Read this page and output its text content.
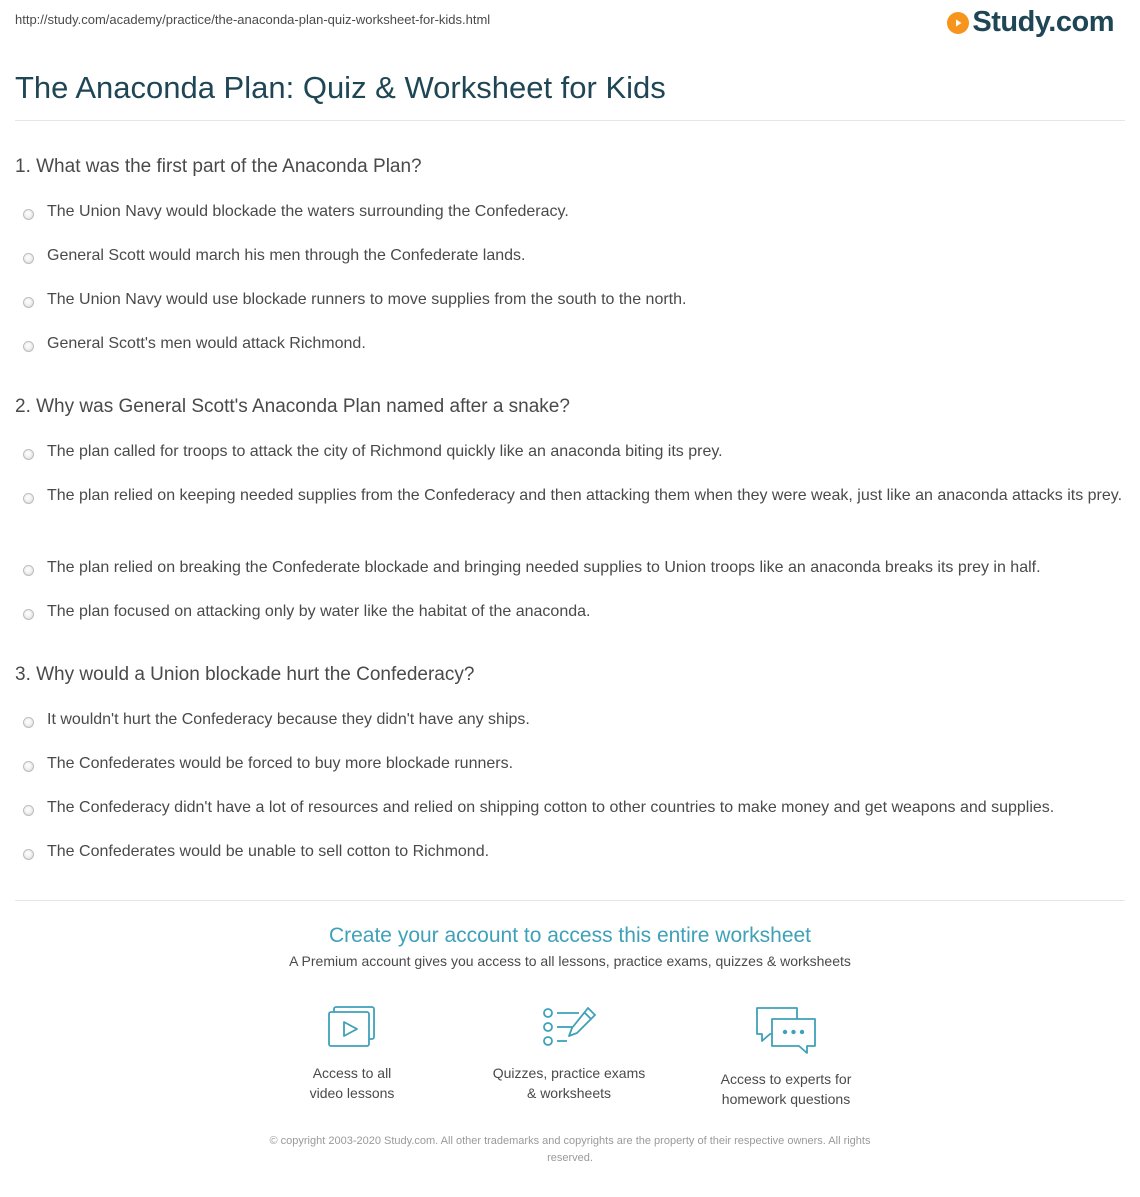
http://study.com/academy/practice/the-anaconda-plan-quiz-worksheet-for-kids.html	Study.com
The Anaconda Plan: Quiz & Worksheet for Kids
1. What was the first part of the Anaconda Plan?
The Union Navy would blockade the waters surrounding the Confederacy.
General Scott would march his men through the Confederate lands.
The Union Navy would use blockade runners to move supplies from the south to the north.
General Scott's men would attack Richmond.
2. Why was General Scott's Anaconda Plan named after a snake?
The plan called for troops to attack the city of Richmond quickly like an anaconda biting its prey.
The plan relied on keeping needed supplies from the Confederacy and then attacking them when they were weak, just like an anaconda attacks its prey.
The plan relied on breaking the Confederate blockade and bringing needed supplies to Union troops like an anaconda breaks its prey in half.
The plan focused on attacking only by water like the habitat of the anaconda.
3. Why would a Union blockade hurt the Confederacy?
It wouldn't hurt the Confederacy because they didn't have any ships.
The Confederates would be forced to buy more blockade runners.
The Confederacy didn't have a lot of resources and relied on shipping cotton to other countries to make money and get weapons and supplies.
The Confederates would be unable to sell cotton to Richmond.
Create your account to access this entire worksheet
A Premium account gives you access to all lessons, practice exams, quizzes & worksheets
Access to all
video lessons
Quizzes, practice exams
& worksheets
Access to experts for
homework questions
© copyright 2003-2020 Study.com. All other trademarks and copyrights are the property of their respective owners. All rights
reserved.
